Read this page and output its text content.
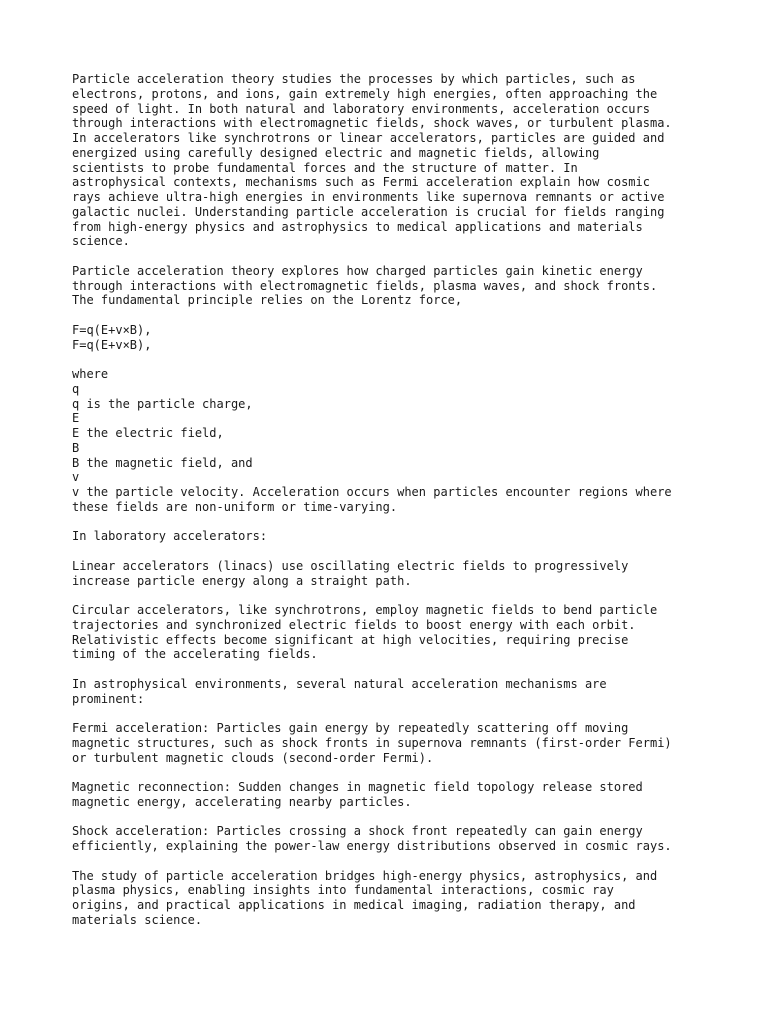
Particle acceleration theory studies the processes by which particles, such as
electrons, protons, and ions, gain extremely high energies, often approaching the
speed of light. In both natural and laboratory environments, acceleration occurs
through interactions with electromagnetic fields, shock waves, or turbulent plasma.
In accelerators like synchrotrons or linear accelerators, particles are guided and
energized using carefully designed electric and magnetic fields, allowing
scientists to probe fundamental forces and the structure of matter. In
astrophysical contexts, mechanisms such as Fermi acceleration explain how cosmic
rays achieve ultra-high energies in environments like supernova remnants or active
galactic nuclei. Understanding particle acceleration is crucial for fields ranging
from high-energy physics and astrophysics to medical applications and materials
science.

Particle acceleration theory explores how charged particles gain kinetic energy
through interactions with electromagnetic fields, plasma waves, and shock fronts.
The fundamental principle relies on the Lorentz force,

F=q(E+v×B),
F=q(E+v×B),

where
q
q is the particle charge,
E
E the electric field,
B
B the magnetic field, and
v
v the particle velocity. Acceleration occurs when particles encounter regions where
these fields are non-uniform or time-varying.

In laboratory accelerators:

Linear accelerators (linacs) use oscillating electric fields to progressively
increase particle energy along a straight path.

Circular accelerators, like synchrotrons, employ magnetic fields to bend particle
trajectories and synchronized electric fields to boost energy with each orbit.
Relativistic effects become significant at high velocities, requiring precise
timing of the accelerating fields.

In astrophysical environments, several natural acceleration mechanisms are
prominent:

Fermi acceleration: Particles gain energy by repeatedly scattering off moving
magnetic structures, such as shock fronts in supernova remnants (first-order Fermi)
or turbulent magnetic clouds (second-order Fermi).

Magnetic reconnection: Sudden changes in magnetic field topology release stored
magnetic energy, accelerating nearby particles.

Shock acceleration: Particles crossing a shock front repeatedly can gain energy
efficiently, explaining the power-law energy distributions observed in cosmic rays.

The study of particle acceleration bridges high-energy physics, astrophysics, and
plasma physics, enabling insights into fundamental interactions, cosmic ray
origins, and practical applications in medical imaging, radiation therapy, and
materials science.
